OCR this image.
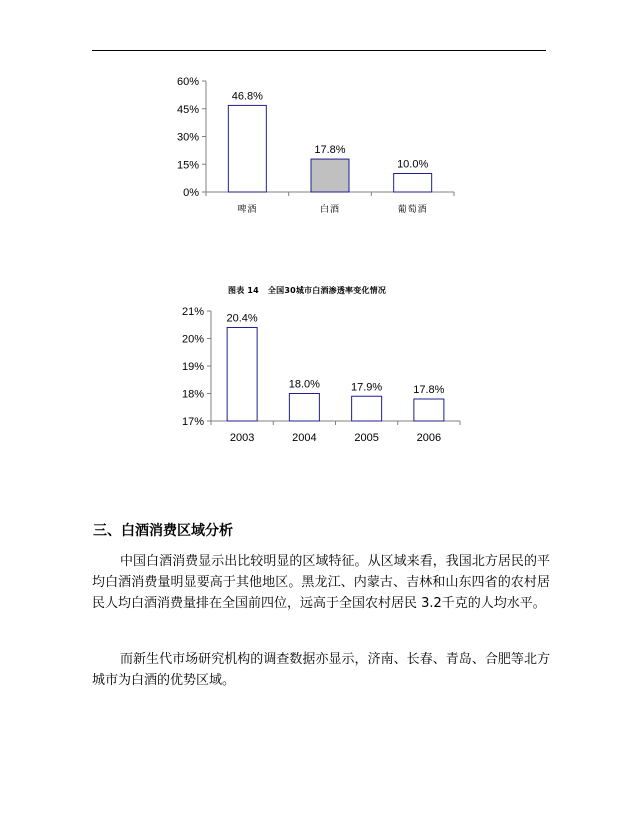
60%
45%
30%
15%
0%
46.8%
啤酒
17.8%
白酒
10.0%
葡萄酒
图表 14 全国30城市白酒渗透率变化情况
21%
20%
19%
18%
17%
20.4%
2003
18.0%
2004
17.9%
2005
17.8%
2006
三、白酒消费区域分析

中国白酒消费显示出比较明显的区域特征。从区域来看，我国北方居民的平均白酒消费量明显要高于其他地区。黑龙江、内蒙古、吉林和山东四省的农村居民人均白酒消费量排在全国前四位，远高于全国农村居民 3.2千克的人均水平。

而新生代市场研究机构的调查数据亦显示，济南、长春、青岛、合肥等北方城市为白酒的优势区域。
